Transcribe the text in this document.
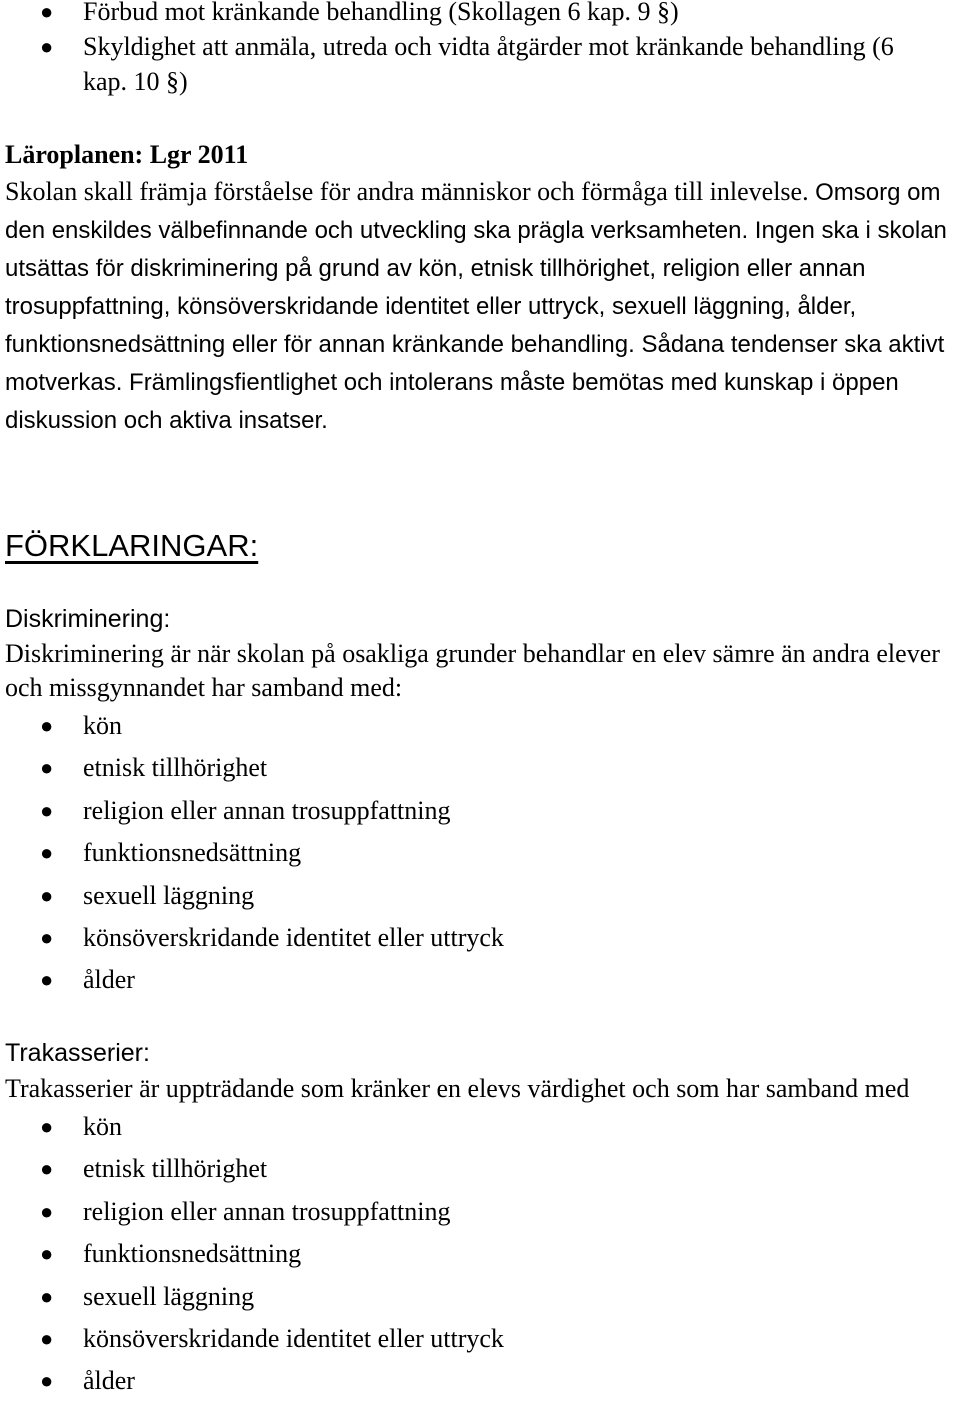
● Förbud mot kränkande behandling (Skollagen 6 kap. 9 §)
● Skyldighet att anmäla, utreda och vidta åtgärder mot kränkande behandling (6 kap. 10 §)
Läroplanen: Lgr 2011
Skolan skall främja förståelse för andra människor och förmåga till inlevelse. Omsorg om den enskildes välbefinnande och utveckling ska prägla verksamheten. Ingen ska i skolan utsättas för diskriminering på grund av kön, etnisk tillhörighet, religion eller annan trosuppfattning, könsöverskridande identitet eller uttryck, sexuell läggning, ålder, funktionsnedsättning eller för annan kränkande behandling. Sådana tendenser ska aktivt motverkas. Främlingsfientlighet och intolerans måste bemötas med kunskap i öppen diskussion och aktiva insatser.
FÖRKLARINGAR:
Diskriminering:
Diskriminering är när skolan på osakliga grunder behandlar en elev sämre än andra elever och missgynnandet har samband med:
● kön
● etnisk tillhörighet
● religion eller annan trosuppfattning
● funktionsnedsättning
● sexuell läggning
● könsöverskridande identitet eller uttryck
● ålder
Trakasserier:
Trakasserier är uppträdande som kränker en elevs värdighet och som har samband med
● kön
● etnisk tillhörighet
● religion eller annan trosuppfattning
● funktionsnedsättning
● sexuell läggning
● könsöverskridande identitet eller uttryck
● ålder
